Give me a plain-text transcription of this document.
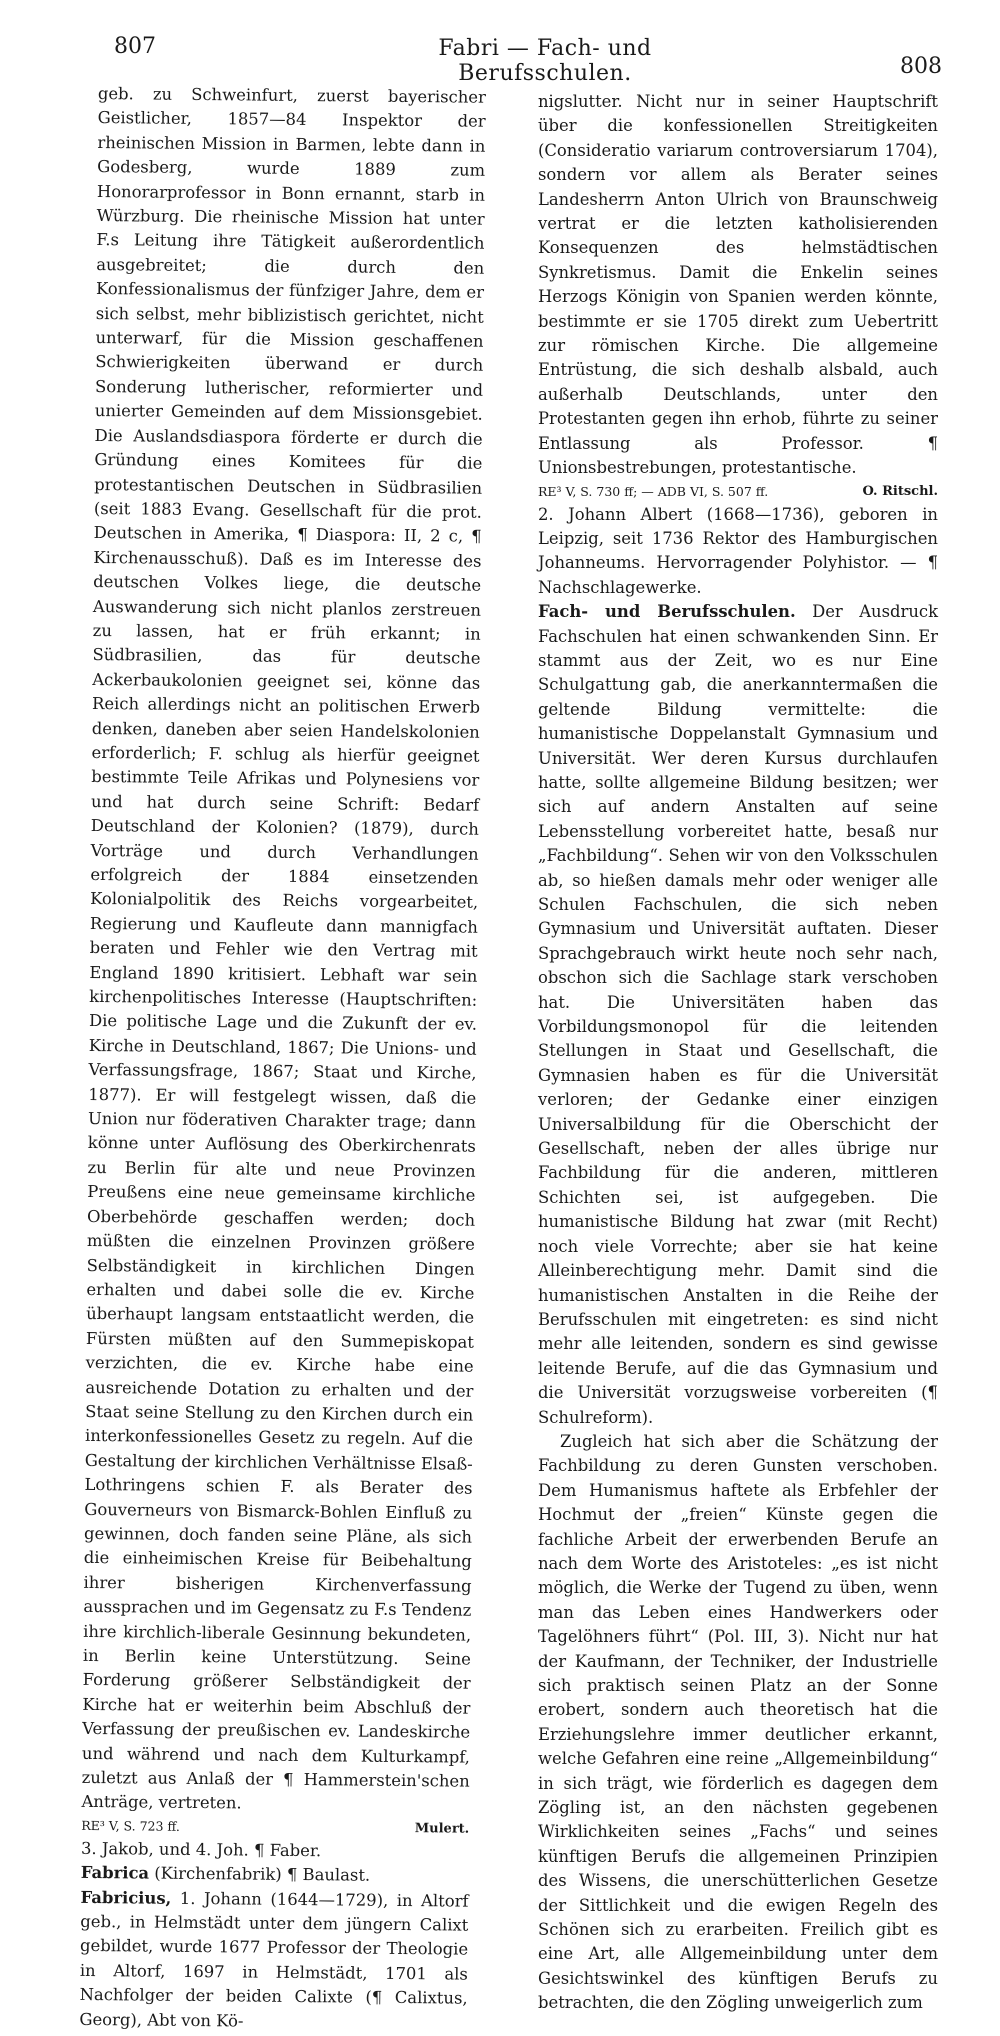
807	Fabri — Fach- und Berufsschulen.	808

geb. zu Schweinfurt, zuerst bayerischer Geistlicher, 1857—84 Inspektor der rheinischen Mission in Barmen, lebte dann in Godesberg, wurde 1889 zum Honorarprofessor in Bonn ernannt, starb in Würzburg. Die rheinische Mission hat unter F.s Leitung ihre Tätigkeit außerordentlich ausgebreitet; die durch den Konfessionalismus der fünfziger Jahre, dem er sich selbst, mehr biblizistisch gerichtet, nicht unterwarf, für die Mission geschaffenen Schwierigkeiten überwand er durch Sonderung lutherischer, reformierter und unierter Gemeinden auf dem Missionsgebiet. Die Auslandsdiaspora förderte er durch die Gründung eines Komitees für die protestantischen Deutschen in Südbrasilien (seit 1883 Evang. Gesellschaft für die prot. Deutschen in Amerika, ¶ Diaspora: II, 2 c, ¶ Kirchenausschuß). Daß es im Interesse des deutschen Volkes liege, die deutsche Auswanderung sich nicht planlos zerstreuen zu lassen, hat er früh erkannt; in Südbrasilien, das für deutsche Ackerbaukolonien geeignet sei, könne das Reich allerdings nicht an politischen Erwerb denken, daneben aber seien Handelskolonien erforderlich; F. schlug als hierfür geeignet bestimmte Teile Afrikas und Polynesiens vor und hat durch seine Schrift: Bedarf Deutschland der Kolonien? (1879), durch Vorträge und durch Verhandlungen erfolgreich der 1884 einsetzenden Kolonialpolitik des Reichs vorgearbeitet, Regierung und Kaufleute dann mannigfach beraten und Fehler wie den Vertrag mit England 1890 kritisiert. Lebhaft war sein kirchenpolitisches Interesse (Hauptschriften: Die politische Lage und die Zukunft der ev. Kirche in Deutschland, 1867; Die Unions- und Verfassungsfrage, 1867; Staat und Kirche, 1877). Er will festgelegt wissen, daß die Union nur föderativen Charakter trage; dann könne unter Auflösung des Oberkirchenrats zu Berlin für alte und neue Provinzen Preußens eine neue gemeinsame kirchliche Oberbehörde geschaffen werden; doch müßten die einzelnen Provinzen größere Selbständigkeit in kirchlichen Dingen erhalten und dabei solle die ev. Kirche überhaupt langsam entstaatlicht werden, die Fürsten müßten auf den Summepiskopat verzichten, die ev. Kirche habe eine ausreichende Dotation zu erhalten und der Staat seine Stellung zu den Kirchen durch ein interkonfessionelles Gesetz zu regeln. Auf die Gestaltung der kirchlichen Verhältnisse Elsaß-Lothringens schien F. als Berater des Gouverneurs von Bismarck-Bohlen Einfluß zu gewinnen, doch fanden seine Pläne, als sich die einheimischen Kreise für Beibehaltung ihrer bisherigen Kirchenverfassung aussprachen und im Gegensatz zu F.s Tendenz ihre kirchlich-liberale Gesinnung bekundeten, in Berlin keine Unterstützung. Seine Forderung größerer Selbständigkeit der Kirche hat er weiterhin beim Abschluß der Verfassung der preußischen ev. Landeskirche und während und nach dem Kulturkampf, zuletzt aus Anlaß der ¶ Hammerstein'schen Anträge, vertreten.

RE³ V, S. 723 ff.	Mulert.

3. Jakob, und 4. Joh. ¶ Faber.

Fabrica (Kirchenfabrik) ¶ Baulast.

Fabricius, 1. Johann (1644—1729), in Altorf geb., in Helmstädt unter dem jüngern Calixt gebildet, wurde 1677 Professor der Theologie in Altorf, 1697 in Helmstädt, 1701 als Nachfolger der beiden Calixte (¶ Calixtus, Georg), Abt von Kö-

nigslutter. Nicht nur in seiner Hauptschrift über die konfessionellen Streitigkeiten (Consideratio variarum controversiarum 1704), sondern vor allem als Berater seines Landesherrn Anton Ulrich von Braunschweig vertrat er die letzten katholisierenden Konsequenzen des helmstädtischen Synkretismus. Damit die Enkelin seines Herzogs Königin von Spanien werden könnte, bestimmte er sie 1705 direkt zum Uebertritt zur römischen Kirche. Die allgemeine Entrüstung, die sich deshalb alsbald, auch außerhalb Deutschlands, unter den Protestanten gegen ihn erhob, führte zu seiner Entlassung als Professor. ¶ Unionsbestrebungen, protestantische.

RE³ V, S. 730 ff; — ADB VI, S. 507 ff.	O. Ritschl.

2. Johann Albert (1668—1736), geboren in Leipzig, seit 1736 Rektor des Hamburgischen Johanneums. Hervorragender Polyhistor. — ¶ Nachschlagewerke.

Fach- und Berufsschulen. Der Ausdruck Fachschulen hat einen schwankenden Sinn. Er stammt aus der Zeit, wo es nur Eine Schulgattung gab, die anerkanntermaßen die geltende Bildung vermittelte: die humanistische Doppelanstalt Gymnasium und Universität. Wer deren Kursus durchlaufen hatte, sollte allgemeine Bildung besitzen; wer sich auf andern Anstalten auf seine Lebensstellung vorbereitet hatte, besaß nur „Fachbildung“. Sehen wir von den Volksschulen ab, so hießen damals mehr oder weniger alle Schulen Fachschulen, die sich neben Gymnasium und Universität auftaten. Dieser Sprachgebrauch wirkt heute noch sehr nach, obschon sich die Sachlage stark verschoben hat. Die Universitäten haben das Vorbildungsmonopol für die leitenden Stellungen in Staat und Gesellschaft, die Gymnasien haben es für die Universität verloren; der Gedanke einer einzigen Universalbildung für die Oberschicht der Gesellschaft, neben der alles übrige nur Fachbildung für die anderen, mittleren Schichten sei, ist aufgegeben. Die humanistische Bildung hat zwar (mit Recht) noch viele Vorrechte; aber sie hat keine Alleinberechtigung mehr. Damit sind die humanistischen Anstalten in die Reihe der Berufsschulen mit eingetreten: es sind nicht mehr alle leitenden, sondern es sind gewisse leitende Berufe, auf die das Gymnasium und die Universität vorzugsweise vorbereiten (¶ Schulreform).

Zugleich hat sich aber die Schätzung der Fachbildung zu deren Gunsten verschoben. Dem Humanismus haftete als Erbfehler der Hochmut der „freien“ Künste gegen die fachliche Arbeit der erwerbenden Berufe an nach dem Worte des Aristoteles: „es ist nicht möglich, die Werke der Tugend zu üben, wenn man das Leben eines Handwerkers oder Tagelöhners führt“ (Pol. III, 3). Nicht nur hat der Kaufmann, der Techniker, der Industrielle sich praktisch seinen Platz an der Sonne erobert, sondern auch theoretisch hat die Erziehungslehre immer deutlicher erkannt, welche Gefahren eine reine „Allgemeinbildung“ in sich trägt, wie förderlich es dagegen dem Zögling ist, an den nächsten gegebenen Wirklichkeiten seines „Fachs“ und seines künftigen Berufs die allgemeinen Prinzipien des Wissens, die unerschütterlichen Gesetze der Sittlichkeit und die ewigen Regeln des Schönen sich zu erarbeiten. Freilich gibt es eine Art, alle Allgemeinbildung unter dem Gesichtswinkel des künftigen Berufs zu betrachten, die den Zögling unweigerlich zum
